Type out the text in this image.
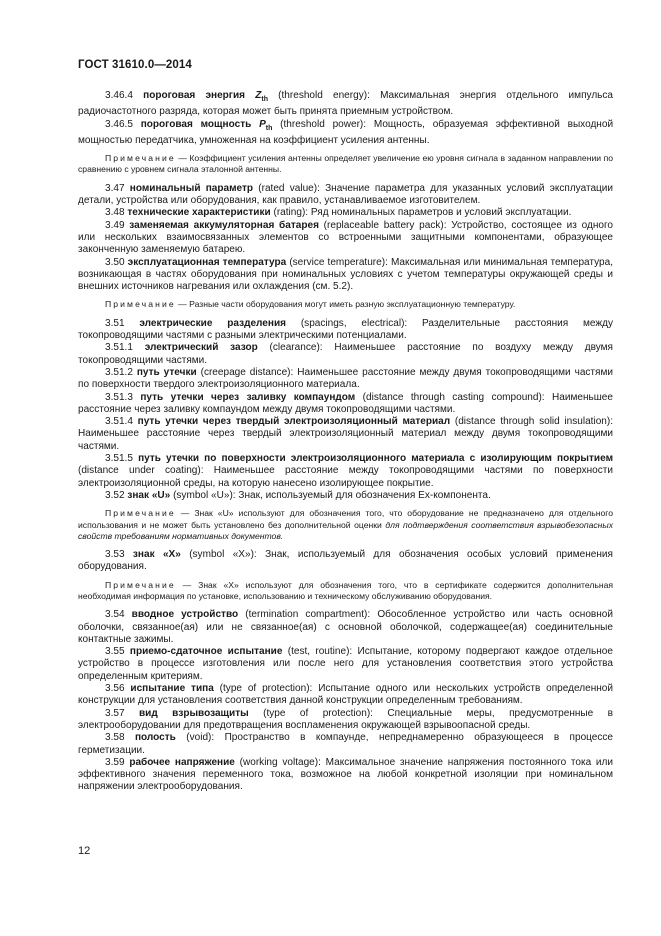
ГОСТ 31610.0—2014

3.46.4 пороговая энергия $Z_{th}$ (threshold energy): Максимальная энергия отдельного импульса радиочастотного разряда, которая может быть принята приемным устройством.

3.46.5 пороговая мощность $P_{th}$ (threshold power): Мощность, образуемая эффективной выходной мощностью передатчика, умноженная на коэффициент усиления антенны.

Примечание — Коэффициент усиления антенны определяет увеличение ею уровня сигнала в заданном направлении по сравнению с уровнем сигнала эталонной антенны.

3.47 номинальный параметр (rated value): Значение параметра для указанных условий эксплуатации детали, устройства или оборудования, как правило, устанавливаемое изготовителем.

3.48 технические характеристики (rating): Ряд номинальных параметров и условий эксплуатации.

3.49 заменяемая аккумуляторная батарея (replaceable battery pack): Устройство, состоящее из одного или нескольких взаимосвязанных элементов со встроенными защитными компонентами, образующее законченную заменяемую батарею.

3.50 эксплуатационная температура (service temperature): Максимальная или минимальная температура, возникающая в частях оборудования при номинальных условиях с учетом температуры окружающей среды и внешних источников нагревания или охлаждения (см. 5.2).

Примечание — Разные части оборудования могут иметь разную эксплуатационную температуру.

3.51 электрические разделения (spacings, electrical): Разделительные расстояния между токопроводящими частями с разными электрическими потенциалами.

3.51.1 электрический зазор (clearance): Наименьшее расстояние по воздуху между двумя токопроводящими частями.

3.51.2 путь утечки (creepage distance): Наименьшее расстояние между двумя токопроводящими частями по поверхности твердого электроизоляционного материала.

3.51.3 путь утечки через заливку компаундом (distance through casting compound): Наименьшее расстояние через заливку компаундом между двумя токопроводящими частями.

3.51.4 путь утечки через твердый электроизоляционный материал (distance through solid insulation): Наименьшее расстояние через твердый электроизоляционный материал между двумя токопроводящими частями.

3.51.5 путь утечки по поверхности электроизоляционного материала с изолирующим покрытием (distance under coating): Наименьшее расстояние между токопроводящими частями по поверхности электроизоляционной среды, на которую нанесено изолирующее покрытие.

3.52 знак «U» (symbol «U»): Знак, используемый для обозначения Ex-компонента.

Примечание — Знак «U» используют для обозначения того, что оборудование не предназначено для отдельного использования и не может быть установлено без дополнительной оценки для подтверждения соответствия взрывобезопасных свойств требованиям нормативных документов.

3.53 знак «X» (symbol «X»): Знак, используемый для обозначения особых условий применения оборудования.

Примечание — Знак «X» используют для обозначения того, что в сертификате содержится дополнительная необходимая информация по установке, использованию и техническому обслуживанию оборудования.

3.54 вводное устройство (termination compartment): Обособленное устройство или часть основной оболочки, связанное(ая) или не связанное(ая) с основной оболочкой, содержащее(ая) соединительные контактные зажимы.

3.55 приемо-сдаточное испытание (test, routine): Испытание, которому подвергают каждое отдельное устройство в процессе изготовления или после него для установления соответствия этого устройства определенным критериям.

3.56 испытание типа (type of protection): Испытание одного или нескольких устройств определенной конструкции для установления соответствия данной конструкции определенным требованиям.

3.57 вид взрывозащиты (type of protection): Специальные меры, предусмотренные в электрооборудовании для предотвращения воспламенения окружающей взрывоопасной среды.

3.58 полость (void): Пространство в компаунде, непреднамеренно образующееся в процессе герметизации.

3.59 рабочее напряжение (working voltage): Максимальное значение напряжения постоянного тока или эффективного значения переменного тока, возможное на любой конкретной изоляции при номинальном напряжении электрооборудования.

12
